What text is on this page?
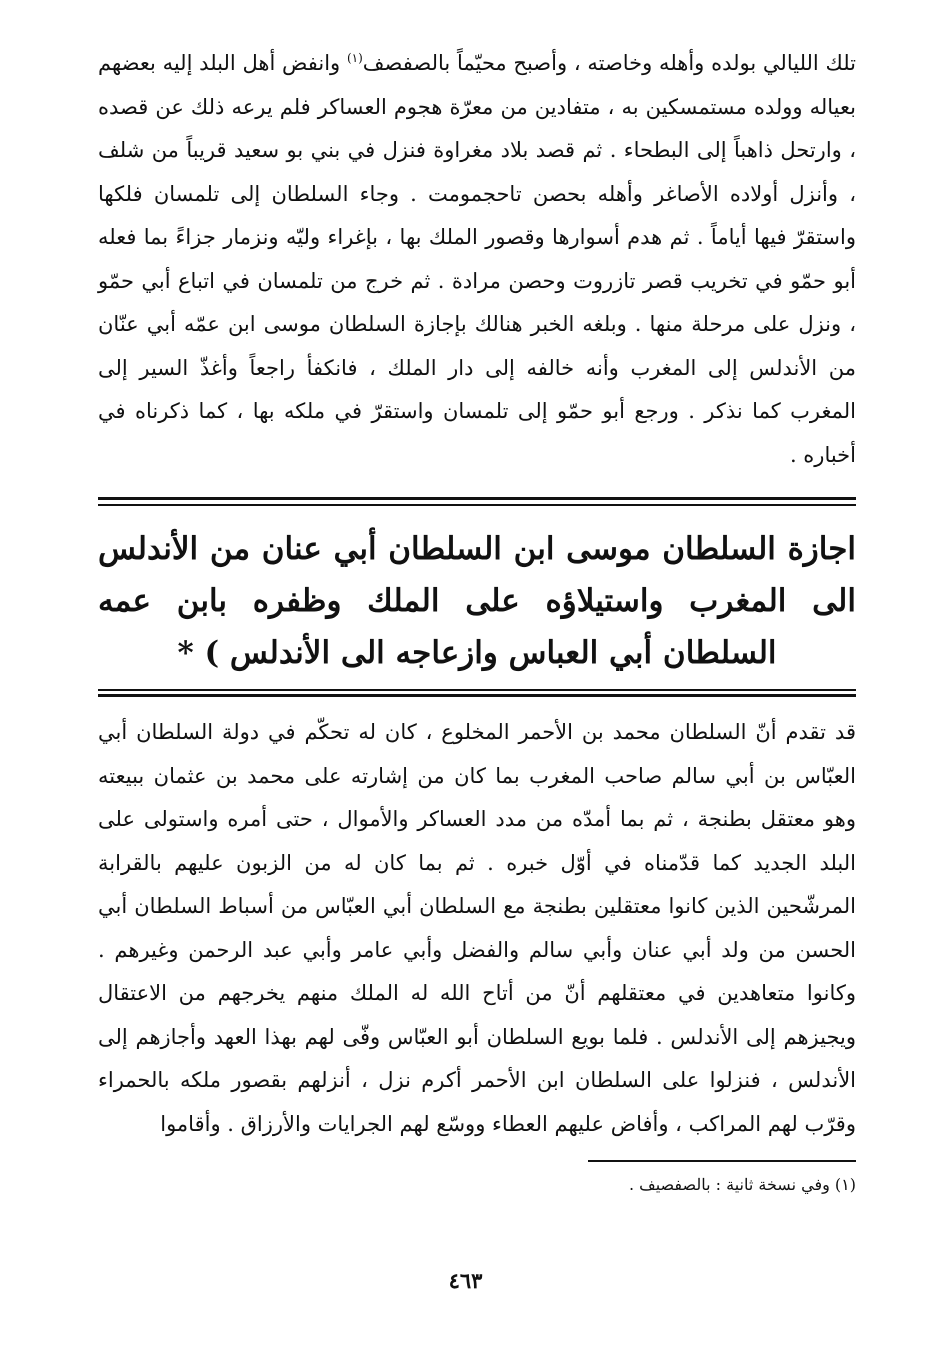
تلك الليالي بولده وأهله وخاصته ، وأصبح محيّماً بالصفصف$^{(١)}$ وانفض أهل البلد إليه بعضهم بعياله وولده مستمسكين به ، متفادين من معرّة هجوم العساكر فلم يرعه ذلك عن قصده ، وارتحل ذاهباً إلى البطحاء . ثم قصد بلاد مغراوة فنزل في بني بو سعيد قريباً من شلف ، وأنزل أولاده الأصاغر وأهله بحصن تاحجمومت . وجاء السلطان إلى تلمسان فلكها واستقرّ فيها أياماً . ثم هدم أسوارها وقصور الملك بها ، بإغراء وليّه ونزمار جزاءً بما فعله أبو حمّو في تخريب قصر تازروت وحصن مرادة . ثم خرج من تلمسان في اتباع أبي حمّو ، ونزل على مرحلة منها . وبلغه الخبر هنالك بإجازة السلطان موسى ابن عمّه أبي عنّان من الأندلس إلى المغرب وأنه خالفه إلى دار الملك ، فانكفأ راجعاً وأغذّ السير إلى المغرب كما نذكر . ورجع أبو حمّو إلى تلمسان واستقرّ في ملكه بها ، كما ذكرناه في أخباره .

اجازة السلطان موسى ابن السلطان أبي عنان من الأندلس الى المغرب واستيلاؤه على الملك وظفره بابن عمه السلطان أبي العباس وازعاجه الى الأندلس ) *

قد تقدم أنّ السلطان محمد بن الأحمر المخلوع ، كان له تحكّم في دولة السلطان أبي العبّاس بن أبي سالم صاحب المغرب بما كان من إشارته على محمد بن عثمان ببيعته وهو معتقل بطنجة ، ثم بما أمدّه من مدد العساكر والأموال ، حتى أمره واستولى على البلد الجديد كما قدّمناه في أوّل خبره . ثم بما كان له من الزبون عليهم بالقرابة المرشّحين الذين كانوا معتقلين بطنجة مع السلطان أبي العبّاس من أسباط السلطان أبي الحسن من ولد أبي عنان وأبي سالم والفضل وأبي عامر وأبي عبد الرحمن وغيرهم . وكانوا متعاهدين في معتقلهم أنّ من أتاح الله له الملك منهم يخرجهم من الاعتقال ويجيزهم إلى الأندلس . فلما بويع السلطان أبو العبّاس وفّى لهم بهذا العهد وأجازهم إلى الأندلس ، فنزلوا على السلطان ابن الأحمر أكرم نزل ، أنزلهم بقصور ملكه بالحمراء وقرّب لهم المراكب ، وأفاض عليهم العطاء ووسّع لهم الجرايات والأرزاق . وأقاموا

(١) وفي نسخة ثانية : بالصفصيف .

٤٦٣
